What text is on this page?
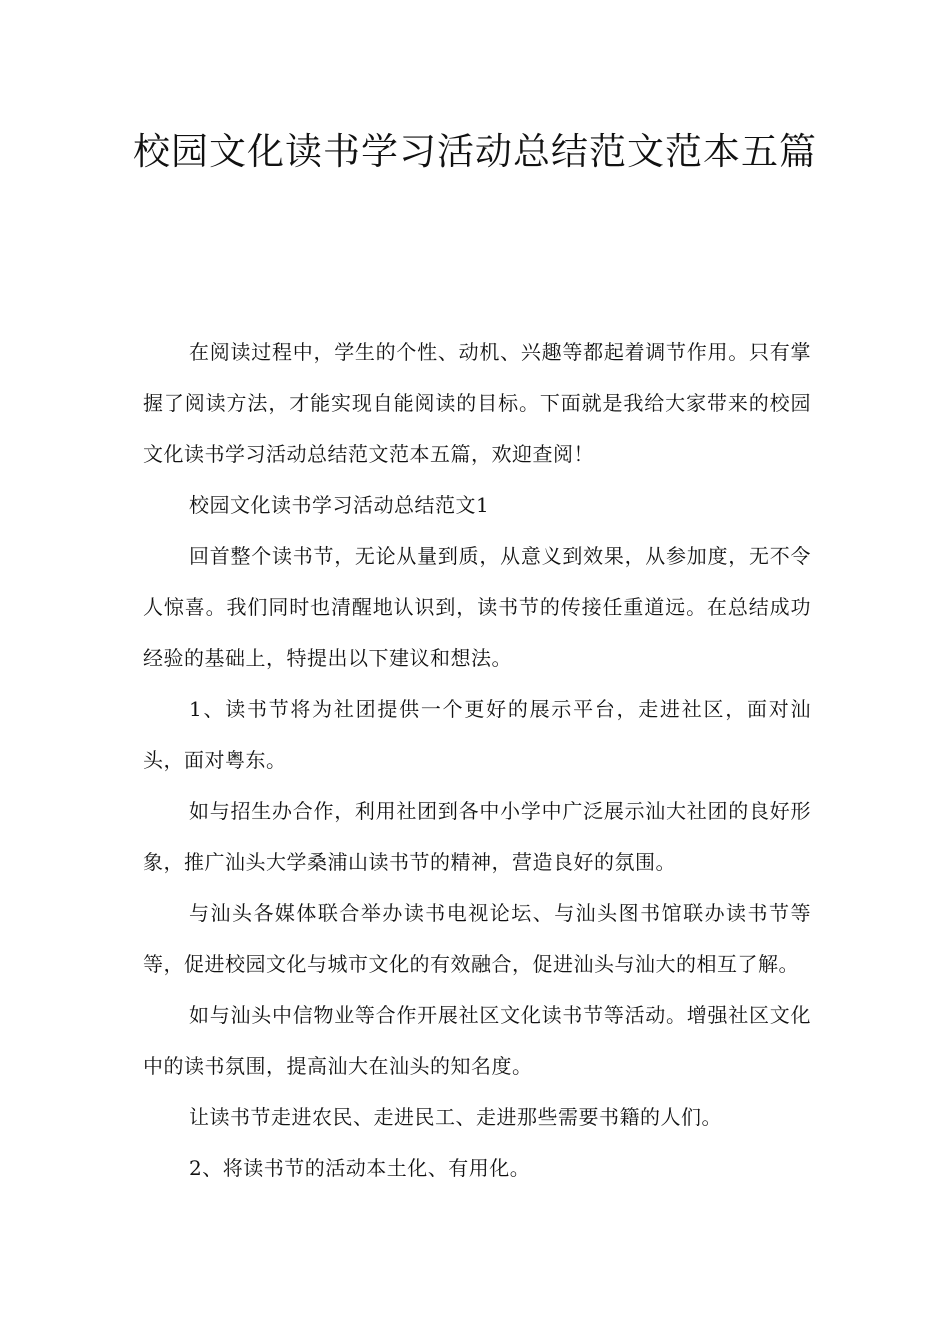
校园文化读书学习活动总结范文范本五篇

在阅读过程中，学生的个性、动机、兴趣等都起着调节作用。只有掌握了阅读方法，才能实现自能阅读的目标。下面就是我给大家带来的校园文化读书学习活动总结范文范本五篇，欢迎查阅！

校园文化读书学习活动总结范文1

回首整个读书节，无论从量到质，从意义到效果，从参加度，无不令人惊喜。我们同时也清醒地认识到，读书节的传接任重道远。在总结成功经验的基础上，特提出以下建议和想法。

1、读书节将为社团提供一个更好的展示平台，走进社区，面对汕头，面对粤东。

如与招生办合作，利用社团到各中小学中广泛展示汕大社团的良好形象，推广汕头大学桑浦山读书节的精神，营造良好的氛围。

与汕头各媒体联合举办读书电视论坛、与汕头图书馆联办读书节等等，促进校园文化与城市文化的有效融合，促进汕头与汕大的相互了解。

如与汕头中信物业等合作开展社区文化读书节等活动。增强社区文化中的读书氛围，提高汕大在汕头的知名度。

让读书节走进农民、走进民工、走进那些需要书籍的人们。

2、将读书节的活动本土化、有用化。
